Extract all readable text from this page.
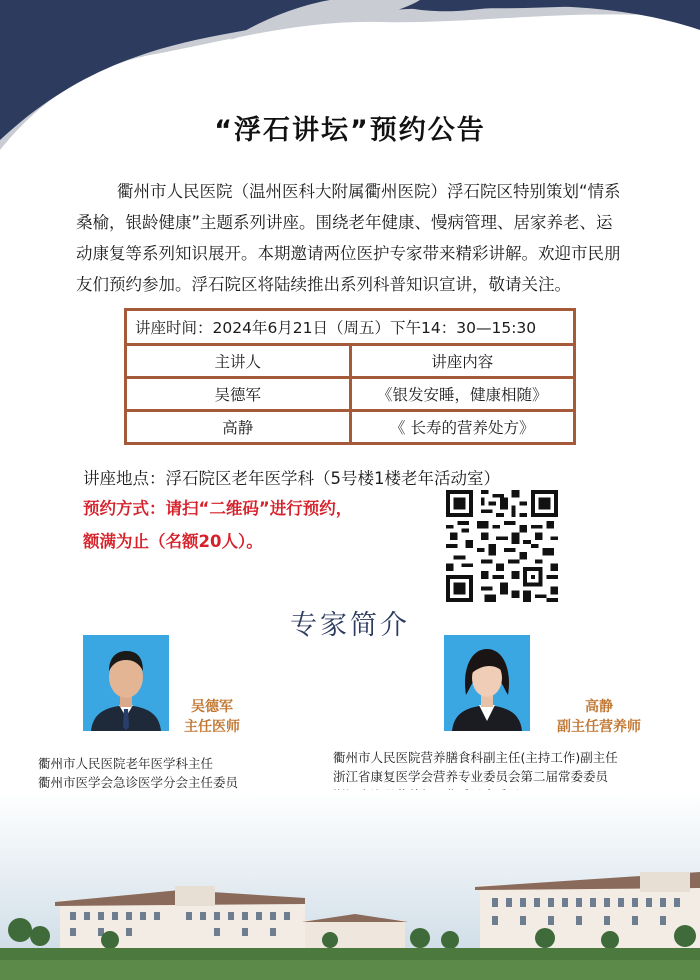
“浮石讲坛”预约公告
　　衢州市人民医院（温州医科大附属衢州医院）浮石院区特别策划“情系
桑榆，银龄健康”主题系列讲座。围绕老年健康、慢病管理、居家养老、运
动康复等系列知识展开。本期邀请两位医护专家带来精彩讲解。欢迎市民朋
友们预约参加。浮石院区将陆续推出系列科普知识宣讲，敬请关注。
讲座时间：2024年6月21日（周五）下午14：30—15:30	
主讲人	讲座内容
吴德军	《银发安睡，健康相随》
高静	《 长寿的营养处方》
讲座地点：浮石院区老年医学科（5号楼1楼老年活动室）
预约方式：请扫“二维码”进行预约，
额满为止（名额20人）。
专家简介
吴德军
主任医师
衢州市人民医院老年医学科主任
衢州市医学会急诊医学分会主任委员
高静
副主任营养师
衢州市人民医院营养膳食科副主任(主持工作)副主任
浙江省康复医学会营养专业委员会第二届常委委员
